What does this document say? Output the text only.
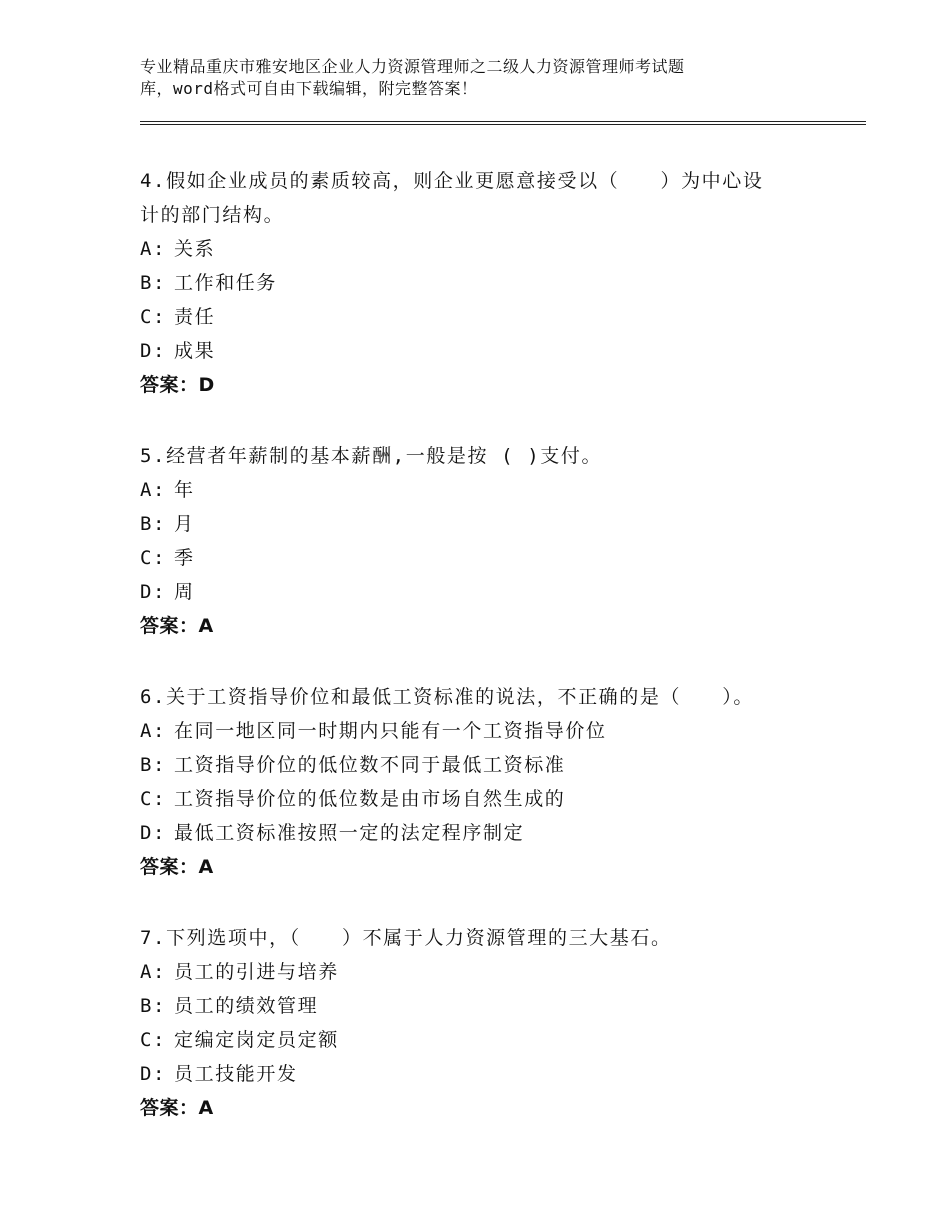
专业精品重庆市雅安地区企业人力资源管理师之二级人力资源管理师考试题
库，word格式可自由下载编辑，附完整答案！
4.假如企业成员的素质较高，则企业更愿意接受以（　　）为中心设
计的部门结构。
A: 关系
B: 工作和任务
C: 责任
D: 成果
答案：D
5.经营者年薪制的基本薪酬,一般是按 ( )支付。
A: 年
B: 月
C: 季
D: 周
答案：A
6.关于工资指导价位和最低工资标准的说法，不正确的是（　　）。
A: 在同一地区同一时期内只能有一个工资指导价位
B: 工资指导价位的低位数不同于最低工资标准
C: 工资指导价位的低位数是由市场自然生成的
D: 最低工资标准按照一定的法定程序制定
答案：A
7.下列选项中，（　　）不属于人力资源管理的三大基石。
A: 员工的引进与培养
B: 员工的绩效管理
C: 定编定岗定员定额
D: 员工技能开发
答案：A
